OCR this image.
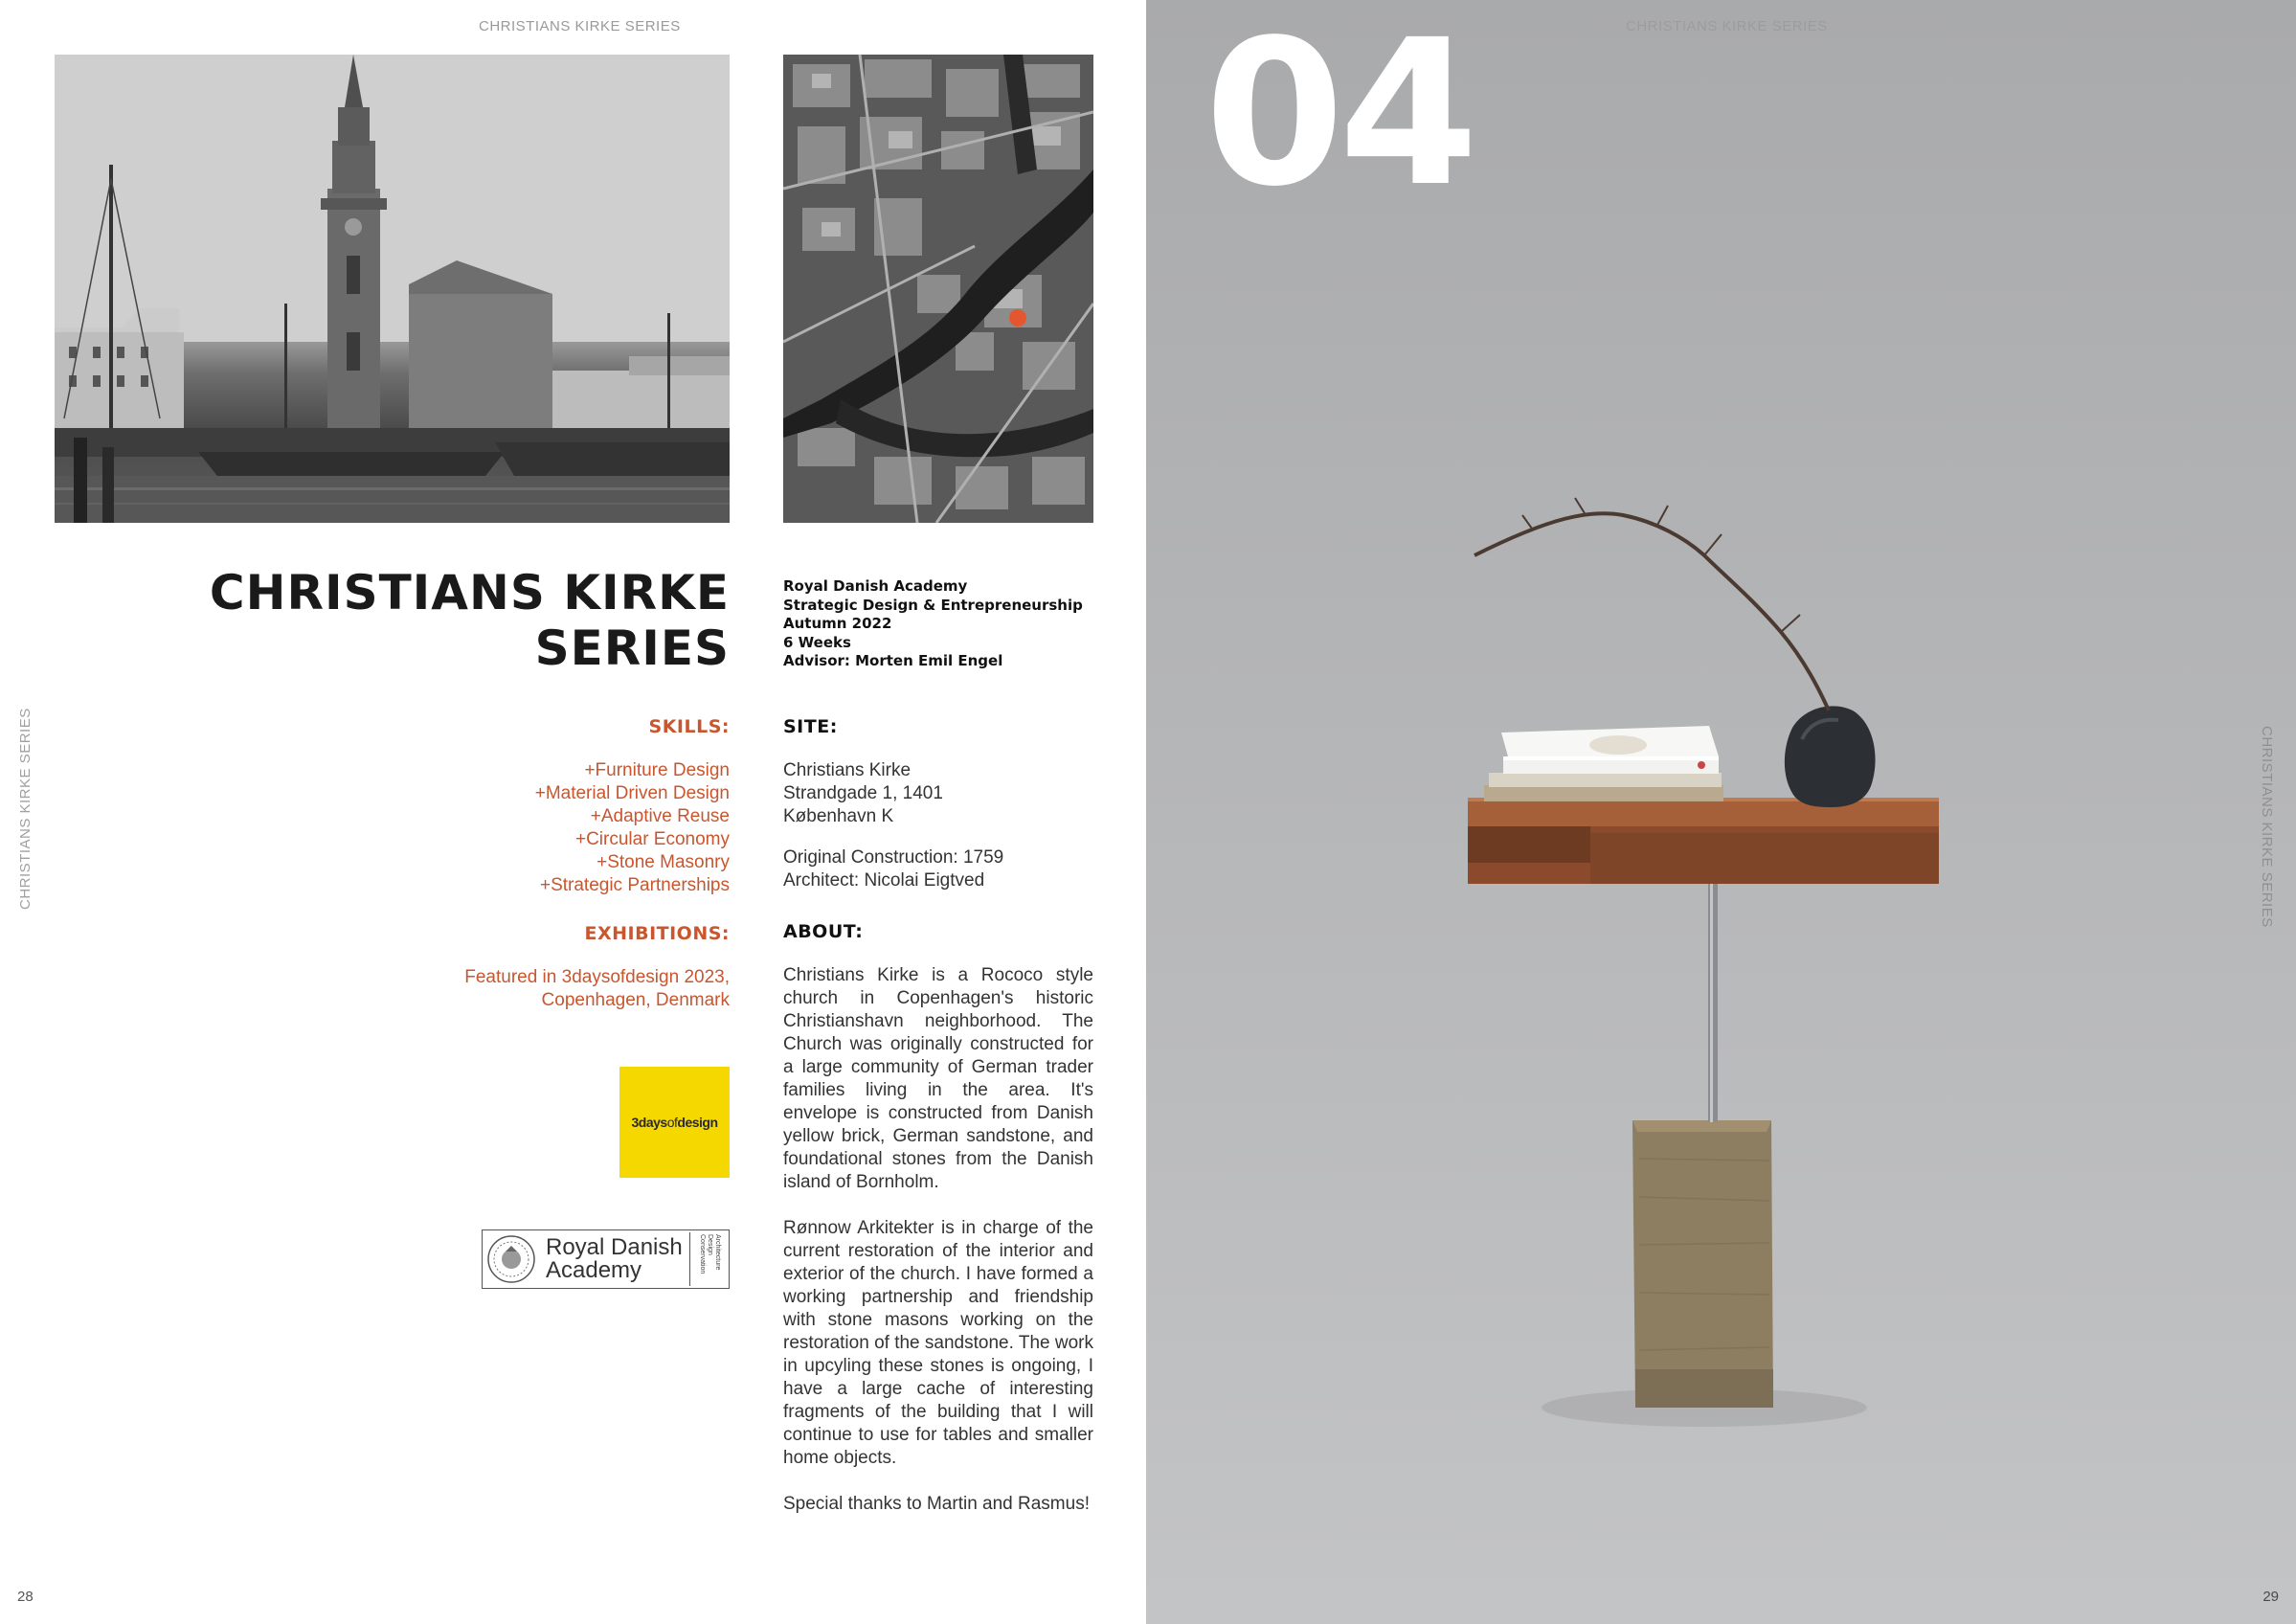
CHRISTIANS KIRKE SERIES
CHRISTIANS KIRKE SERIES
CHRISTIANS KIRKE
SERIES
Royal Danish Academy
Strategic Design & Entrepreneurship
Autumn 2022
6 Weeks
Advisor: Morten Emil Engel
SKILLS:
+Furniture Design
+Material Driven Design
+Adaptive Reuse
+Circular Economy
+Stone Masonry
+Strategic Partnerships
EXHIBITIONS:
Featured in 3daysofdesign 2023,
Copenhagen, Denmark
3daysofdesign
Royal Danish
Academy
Architecture Design Conservation
SITE:
Christians Kirke
Strandgade 1, 1401
København K
Original Construction: 1759
Architect: Nicolai Eigtved
ABOUT:
Christians Kirke is a Rococo style church in Copenhagen's historic Christianshavn neighborhood. The Church was originally constructed for a large community of German trader families living in the area. It's envelope is constructed from Danish yellow brick, German sandstone, and foundational stones from the Danish island of Bornholm.
Rønnow Arkitekter is in charge of the current restoration of the interior and exterior of the church. I have formed a working partnership and friendship with stone masons working on the restoration of the sandstone. The work in upcyling these stones is ongoing, I have a large cache of interesting fragments of the building that I will continue to use for tables and smaller home objects.
Special thanks to Martin and Rasmus!
28
CHRISTIANS KIRKE SERIES
CHRISTIANS KIRKE SERIES
29
04
